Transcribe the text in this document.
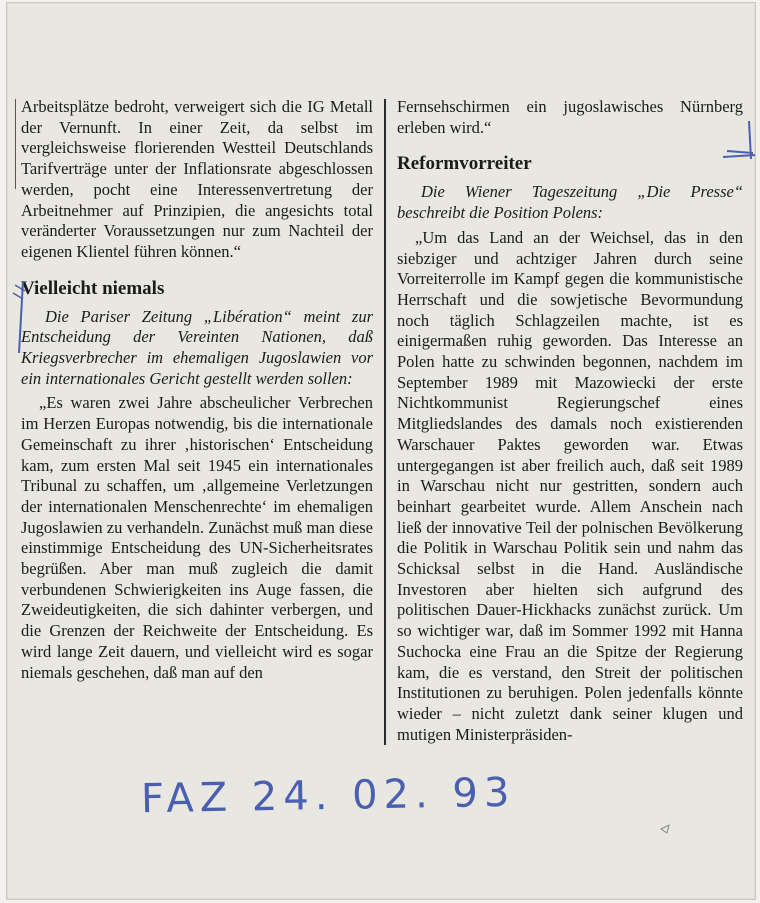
Arbeitsplätze bedroht, verweigert sich die IG Metall der Vernunft. In einer Zeit, da selbst im vergleichsweise florierenden Westteil Deutschlands Tarifverträge unter der Inflationsrate abgeschlossen werden, pocht eine Interessenvertretung der Arbeitnehmer auf Prinzipien, die angesichts total veränderter Voraussetzungen nur zum Nachteil der eigenen Klientel führen können.“

Vielleicht niemals

Die Pariser Zeitung „Libération“ meint zur Entscheidung der Vereinten Nationen, daß Kriegsverbrecher im ehemaligen Jugoslawien vor ein internationales Gericht gestellt werden sollen:

„Es waren zwei Jahre abscheulicher Verbrechen im Herzen Europas notwendig, bis die internationale Gemeinschaft zu ihrer ‚historischen‘ Entscheidung kam, zum ersten Mal seit 1945 ein internationales Tribunal zu schaffen, um ‚allgemeine Verletzungen der internationalen Menschenrechte‘ im ehemaligen Jugoslawien zu verhandeln. Zunächst muß man diese einstimmige Entscheidung des UN-Sicherheitsrates begrüßen. Aber man muß zugleich die damit verbundenen Schwierigkeiten ins Auge fassen, die Zweideutigkeiten, die sich dahinter verbergen, und die Grenzen der Reichweite der Entscheidung. Es wird lange Zeit dauern, und vielleicht wird es sogar niemals geschehen, daß man auf den

Fernsehschirmen ein jugoslawisches Nürnberg erleben wird.“

Reformvorreiter

Die Wiener Tageszeitung „Die Presse“ beschreibt die Position Polens:

„Um das Land an der Weichsel, das in den siebziger und achtziger Jahren durch seine Vorreiterrolle im Kampf gegen die kommunistische Herrschaft und die sowjetische Bevormundung noch täglich Schlagzeilen machte, ist es einigermaßen ruhig geworden. Das Interesse an Polen hatte zu schwinden begonnen, nachdem im September 1989 mit Mazowiecki der erste Nichtkommunist Regierungschef eines Mitgliedslandes des damals noch existierenden Warschauer Paktes geworden war. Etwas untergegangen ist aber freilich auch, daß seit 1989 in Warschau nicht nur gestritten, sondern auch beinhart gearbeitet wurde. Allem Anschein nach ließ der innovative Teil der polnischen Bevölkerung die Politik in Warschau Politik sein und nahm das Schicksal selbst in die Hand. Ausländische Investoren aber hielten sich aufgrund des politischen Dauer-Hickhacks zunächst zurück. Um so wichtiger war, daß im Sommer 1992 mit Hanna Suchocka eine Frau an die Spitze der Regierung kam, die es verstand, den Streit der politischen Institutionen zu beruhigen. Polen jedenfalls könnte wieder – nicht zuletzt dank seiner klugen und mutigen Ministerpräsiden-

FAZ 24. 02. 93
